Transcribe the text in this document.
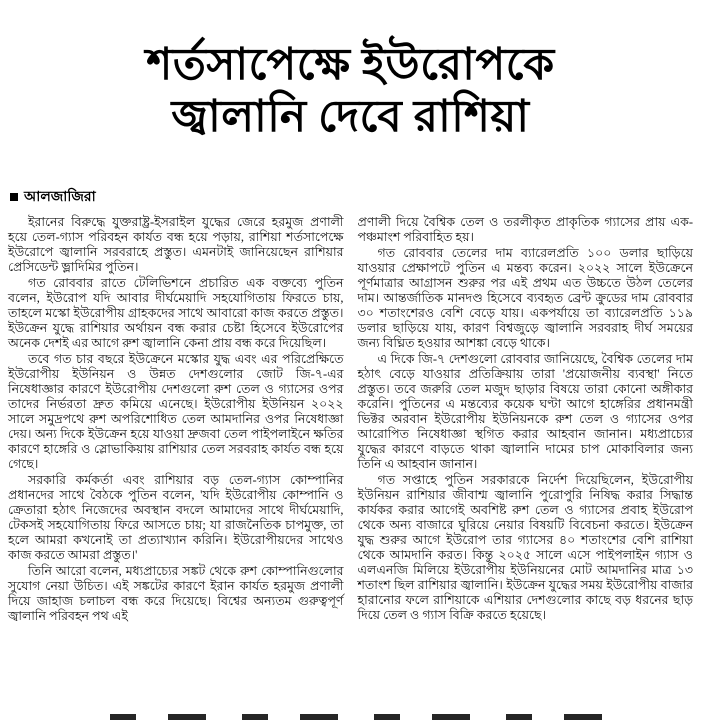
শর্তসাপেক্ষে ইউরোপকে
জ্বালানি দেবে রাশিয়া
আলজাজিরা

ইরানের বিরুদ্ধে যুক্তরাষ্ট্র-ইসরাইল যুদ্ধের জেরে হরমুজ প্রণালী হয়ে তেল-গ্যাস পরিবহন কার্যত বন্ধ হয়ে পড়ায়, রাশিয়া শর্তসাপেক্ষে ইউরোপে জ্বালানি সরবরাহে প্রস্তুত। এমনটাই জানিয়েছেন রাশিয়ার প্রেসিডেন্ট ভ্লাদিমির পুতিন।

গত রোববার রাতে টেলিভিশনে প্রচারিত এক বক্তব্যে পুতিন বলেন, ইউরোপ যদি আবার দীর্ঘমেয়াদি সহযোগিতায় ফিরতে চায়, তাহলে মস্কো ইউরোপীয় গ্রাহকদের সাথে আবারো কাজ করতে প্রস্তুত। ইউক্রেন যুদ্ধে রাশিয়ার অর্থায়ন বন্ধ করার চেষ্টা হিসেবে ইউরোপের অনেক দেশই এর আগে রুশ জ্বালানি কেনা প্রায় বন্ধ করে দিয়েছিল।

তবে গত চার বছরে ইউক্রেনে মস্কোর যুদ্ধ এবং এর পরিপ্রেক্ষিতে ইউরোপীয় ইউনিয়ন ও উন্নত দেশগুলোর জোট জি-৭-এর নিষেধাজ্ঞার কারণে ইউরোপীয় দেশগুলো রুশ তেল ও গ্যাসের ওপর তাদের নির্ভরতা দ্রুত কমিয়ে এনেছে। ইউরোপীয় ইউনিয়ন ২০২২ সালে সমুদ্রপথে রুশ অপরিশোধিত তেল আমদানির ওপর নিষেধাজ্ঞা দেয়। অন্য দিকে ইউক্রেন হয়ে যাওয়া দ্রুজবা তেল পাইপলাইনে ক্ষতির কারণে হাঙ্গেরি ও স্লোভাকিয়ায় রাশিয়ার তেল সরবরাহ কার্যত বন্ধ হয়ে গেছে।

সরকারি কর্মকর্তা এবং রাশিয়ার বড় তেল-গ্যাস কোম্পানির প্রধানদের সাথে বৈঠকে পুতিন বলেন, 'যদি ইউরোপীয় কোম্পানি ও ক্রেতারা হঠাৎ নিজেদের অবস্থান বদলে আমাদের সাথে দীর্ঘমেয়াদি, টেকসই সহযোগিতায় ফিরে আসতে চায়; যা রাজনৈতিক চাপমুক্ত, তা হলে আমরা কখনোই তা প্রত্যাখ্যান করিনি। ইউরোপীয়দের সাথেও কাজ করতে আমরা প্রস্তুত।'

তিনি আরো বলেন, মধ্যপ্রাচ্যের সঙ্কট থেকে রুশ কোম্পানিগুলোর সুযোগ নেয়া উচিত। এই সঙ্কটের কারণে ইরান কার্যত হরমুজ প্রণালী দিয়ে জাহাজ চলাচল বন্ধ করে দিয়েছে। বিশ্বের অন্যতম গুরুত্বপূর্ণ জ্বালানি পরিবহন পথ এই

প্রণালী দিয়ে বৈশ্বিক তেল ও তরলীকৃত প্রাকৃতিক গ্যাসের প্রায় এক-পঞ্চমাংশ পরিবাহিত হয়।

গত রোববার তেলের দাম ব্যারেলপ্রতি ১০০ ডলার ছাড়িয়ে যাওয়ার প্রেক্ষাপটে পুতিন এ মন্তব্য করেন। ২০২২ সালে ইউক্রেনে পূর্ণমাত্রার আগ্রাসন শুরুর পর এই প্রথম এত উচ্চতে উঠল তেলের দাম। আন্তর্জাতিক মানদণ্ড হিসেবে ব্যবহৃত ব্রেন্ট ক্রুডের দাম রোববার ৩০ শতাংশেরও বেশি বেড়ে যায়। একপর্যায়ে তা ব্যারেলপ্রতি ১১৯ ডলার ছাড়িয়ে যায়, কারণ বিশ্বজুড়ে জ্বালানি সরবরাহ দীর্ঘ সময়ের জন্য বিঘ্নিত হওয়ার আশঙ্কা বেড়ে থাকে।

এ দিকে জি-৭ দেশগুলো রোববার জানিয়েছে, বৈশ্বিক তেলের দাম হঠাৎ বেড়ে যাওয়ার প্রতিক্রিয়ায় তারা 'প্রয়োজনীয় ব্যবস্থা' নিতে প্রস্তুত। তবে জরুরি তেল মজুদ ছাড়ার বিষয়ে তারা কোনো অঙ্গীকার করেনি। পুতিনের এ মন্তব্যের কয়েক ঘণ্টা আগে হাঙ্গেরির প্রধানমন্ত্রী ভিক্টর অরবান ইউরোপীয় ইউনিয়নকে রুশ তেল ও গ্যাসের ওপর আরোপিত নিষেধাজ্ঞা স্থগিত করার আহবান জানান। মধ্যপ্রাচ্যের যুদ্ধের কারণে বাড়তে থাকা জ্বালানি দামের চাপ মোকাবিলার জন্য তিনি এ আহবান জানান।

গত সপ্তাহে পুতিন সরকারকে নির্দেশ দিয়েছিলেন, ইউরোপীয় ইউনিয়ন রাশিয়ার জীবাশ্ম জ্বালানি পুরোপুরি নিষিদ্ধ করার সিদ্ধান্ত কার্যকর করার আগেই অবশিষ্ট রুশ তেল ও গ্যাসের প্রবাহ ইউরোপ থেকে অন্য বাজারে ঘুরিয়ে নেয়ার বিষয়টি বিবেচনা করতে। ইউক্রেন যুদ্ধ শুরুর আগে ইউরোপ তার গ্যাসের ৪০ শতাংশের বেশি রাশিয়া থেকে আমদানি করত। কিন্তু ২০২৫ সালে এসে পাইপলাইন গ্যাস ও এলএনজি মিলিয়ে ইউরোপীয় ইউনিয়নের মোট আমদানির মাত্র ১৩ শতাংশ ছিল রাশিয়ার জ্বালানি। ইউক্রেন যুদ্ধের সময় ইউরোপীয় বাজার হারানোর ফলে রাশিয়াকে এশিয়ার দেশগুলোর কাছে বড় ধরনের ছাড় দিয়ে তেল ও গ্যাস বিক্রি করতে হয়েছে।
